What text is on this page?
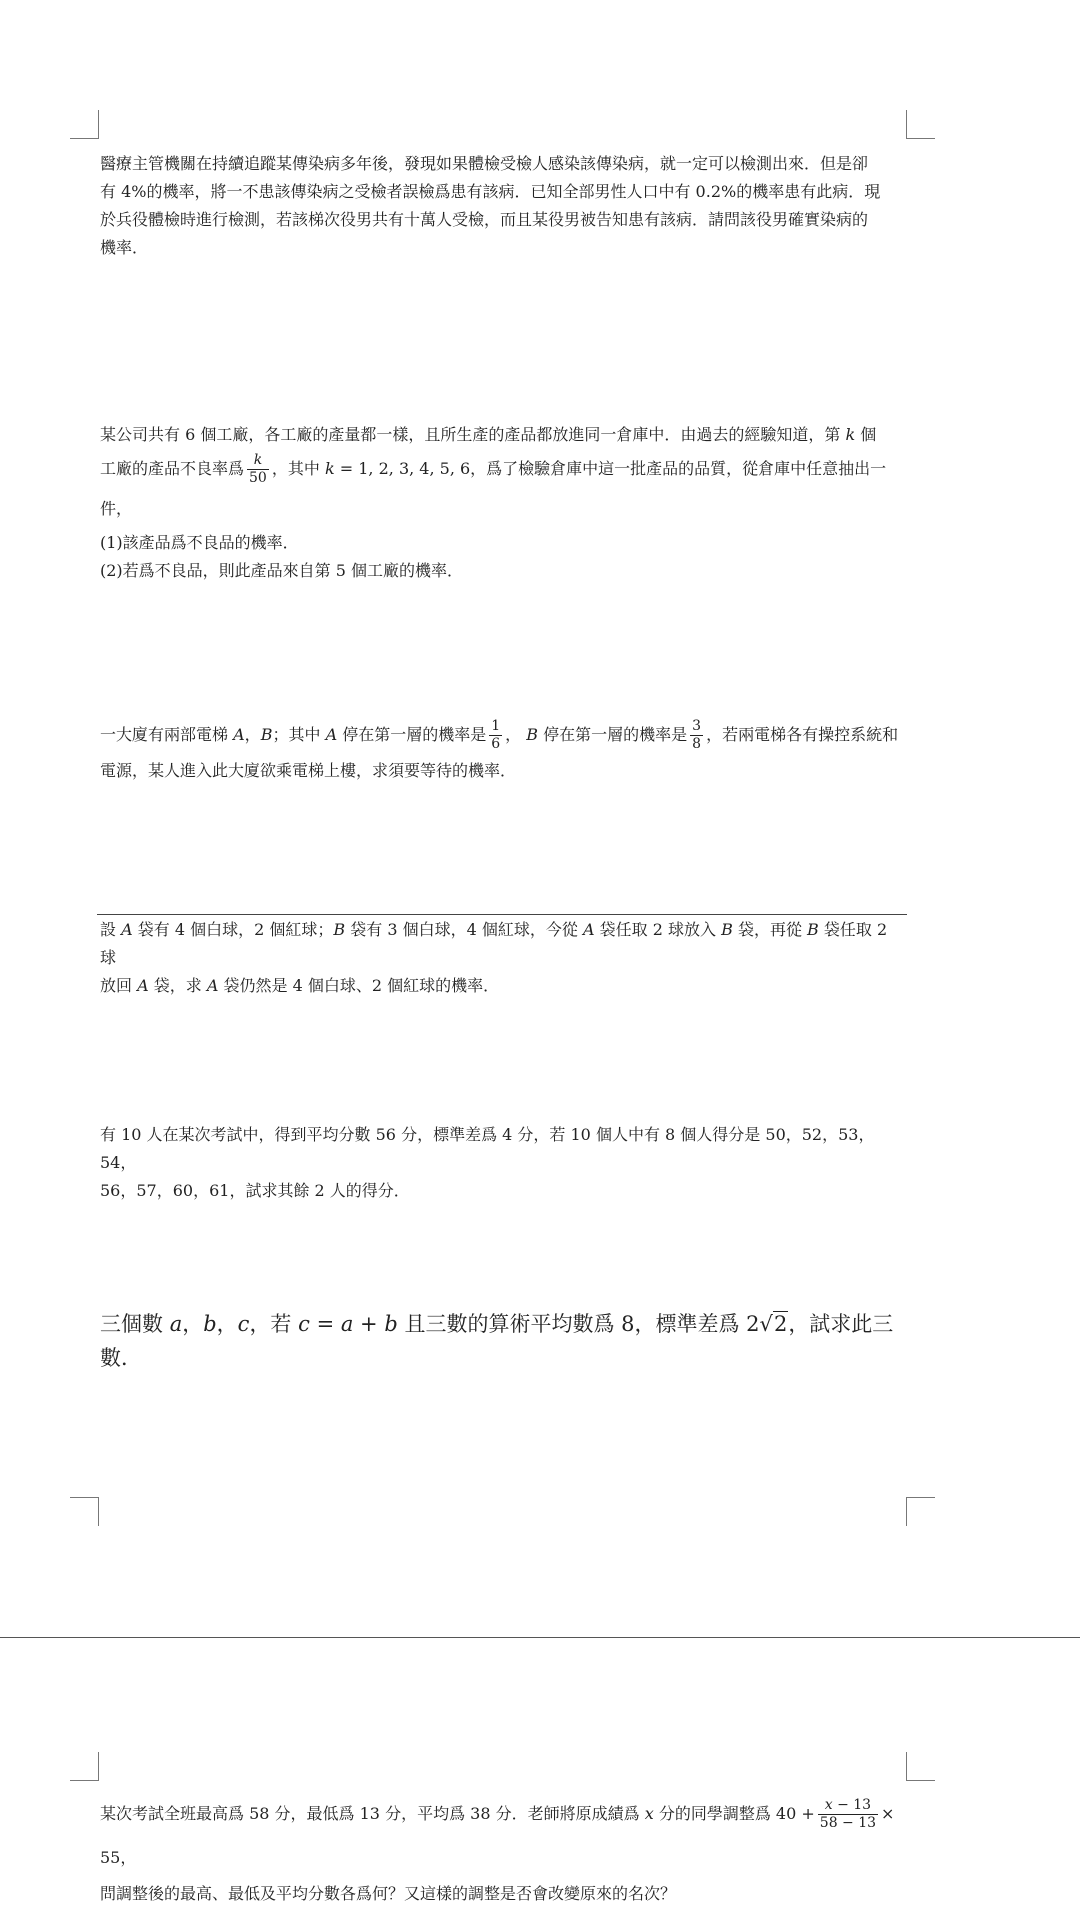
醫療主管機關在持續追蹤某傳染病多年後，發現如果體檢受檢人感染該傳染病，就一定可以檢測出來．但是卻

有 4%的機率，將一不患該傳染病之受檢者誤檢爲患有該病．已知全部男性人口中有 0.2%的機率患有此病．現

於兵役體檢時進行檢測，若該梯次役男共有十萬人受檢，而且某役男被告知患有該病．請問該役男確實染病的

機率．

某公司共有 6 個工廠，各工廠的產量都一樣，且所生產的產品都放進同一倉庫中．由過去的經驗知道，第 k 個

工廠的產品不良率爲 $\frac{k}{50}$ ，其中 k = 1, 2, 3, 4, 5, 6，爲了檢驗倉庫中這一批產品的品質，從倉庫中任意抽出一件，

(1)該產品爲不良品的機率．

(2)若爲不良品，則此產品來自第 5 個工廠的機率．

一大廈有兩部電梯 A，B；其中 A 停在第一層的機率是 $\frac{1}{6}$ ， B 停在第一層的機率是 $\frac{3}{8}$ ，若兩電梯各有操控系統和

電源，某人進入此大廈欲乘電梯上樓，求須要等待的機率．

設 A 袋有 4 個白球，2 個紅球；B 袋有 3 個白球，4 個紅球，今從 A 袋任取 2 球放入 B 袋，再從 B 袋任取 2 球

放回 A 袋，求 A 袋仍然是 4 個白球、2 個紅球的機率．

有 10 人在某次考試中，得到平均分數 56 分，標準差爲 4 分，若 10 個人中有 8 個人得分是 50，52，53，54，

56，57，60，61，試求其餘 2 人的得分．

三個數 a，b，c，若 c = a + b 且三數的算術平均數爲 8，標準差爲 2√2，試求此三數．

某次考試全班最高爲 58 分，最低爲 13 分，平均爲 38 分．老師將原成績爲 x 分的同學調整爲 $40 + \frac{x - 13}{58 - 13} \times 55$，

問調整後的最高、最低及平均分數各爲何？又這樣的調整是否會改變原來的名次？
